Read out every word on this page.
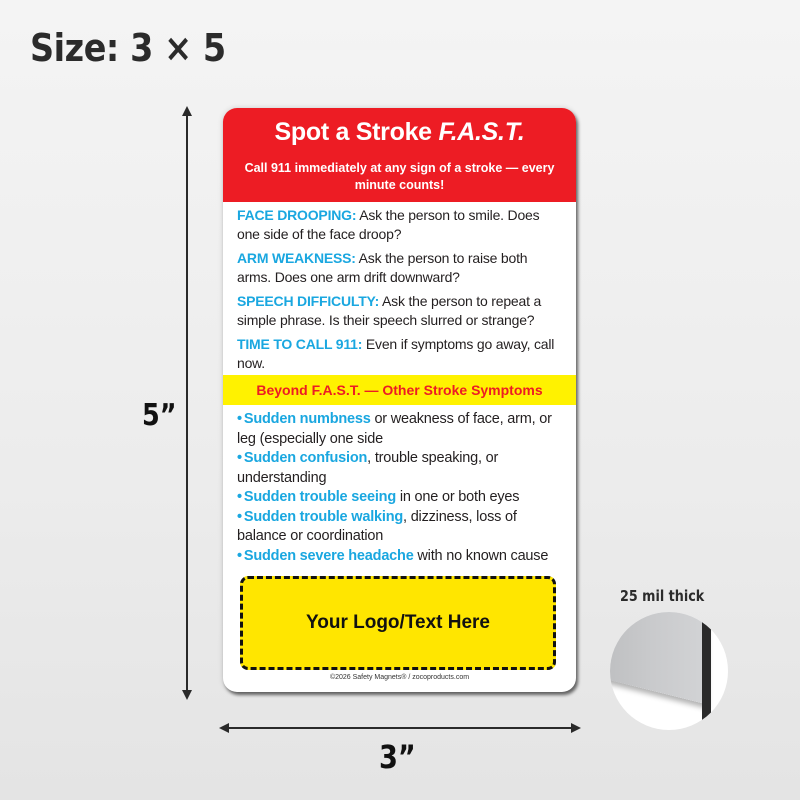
Size: 3 × 5
5”
Spot a Stroke F.A.S.T.
Call 911 immediately at any sign of a stroke — every minute counts!
FACE DROOPING: Ask the person to smile. Does one side of the face droop?
ARM WEAKNESS: Ask the person to raise both arms. Does one arm drift downward?
SPEECH DIFFICULTY: Ask the person to repeat a simple phrase. Is their speech slurred or strange?
TIME TO CALL 911: Even if symptoms go away, call now.
Beyond F.A.S.T. — Other Stroke Symptoms
• Sudden numbness or weakness of face, arm, or leg (especially one side
• Sudden confusion, trouble speaking, or understanding
• Sudden trouble seeing in one or both eyes
• Sudden trouble walking, dizziness, loss of balance or coordination
• Sudden severe headache with no known cause
Your Logo/Text Here
©2026 Safety Magnets® / zocoproducts.com
3”
25 mil thick
